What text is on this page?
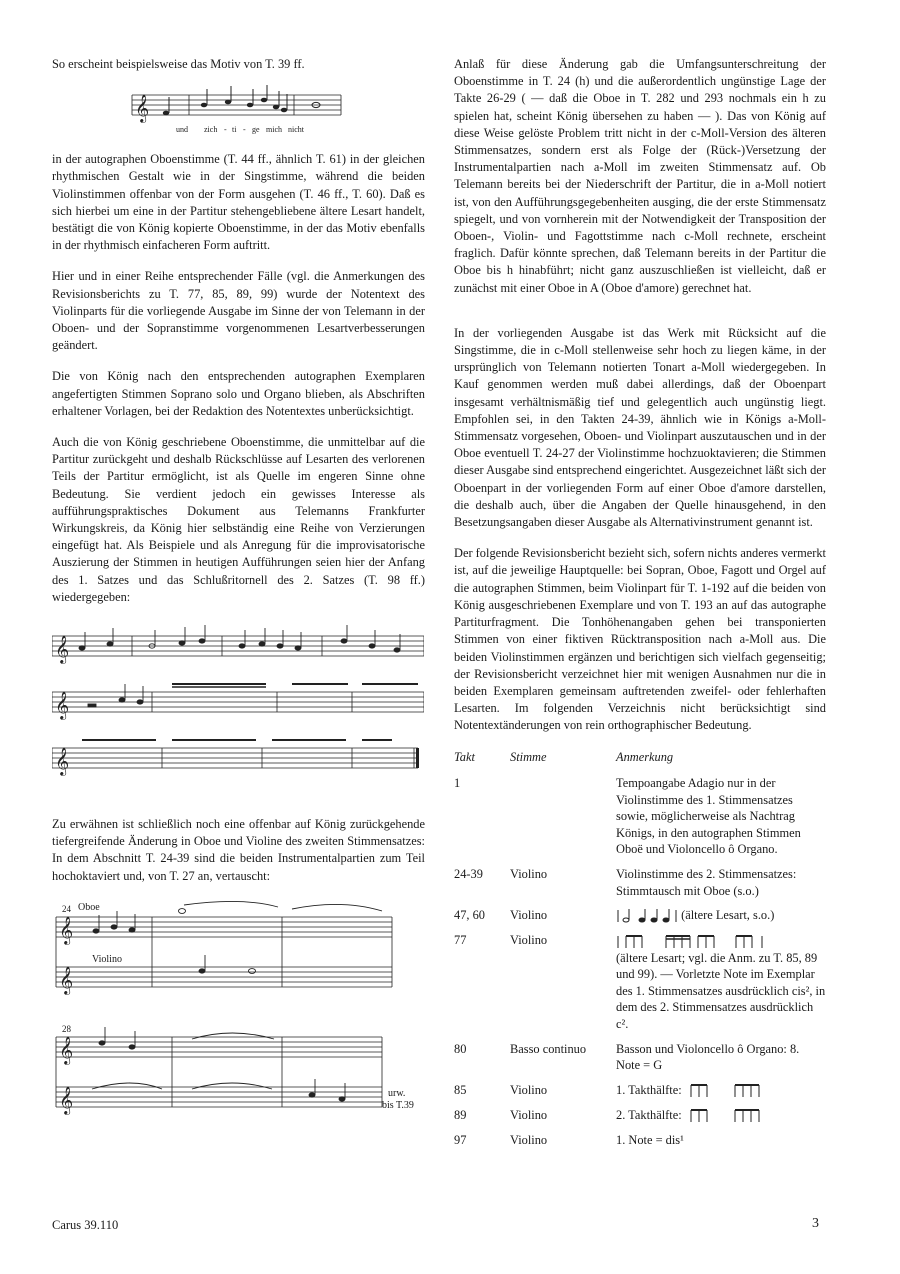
So erscheint beispielsweise das Motiv von T. 39 ff.

𝄞
und zich - ti - ge mich nicht

in der autographen Oboenstimme (T. 44 ff., ähnlich T. 61) in der gleichen rhythmischen Gestalt wie in der Singstimme, während die beiden Violinstimmen offenbar von der Form ausgehen (T. 46 ff., T. 60). Daß es sich hierbei um eine in der Partitur stehengebliebene ältere Lesart handelt, bestätigt die von König kopierte Oboenstimme, in der das Motiv ebenfalls in der rhythmisch einfacheren Form auftritt.

Hier und in einer Reihe entsprechender Fälle (vgl. die Anmerkungen des Revisionsberichts zu T. 77, 85, 89, 99) wurde der Notentext des Violinparts für die vorliegende Ausgabe im Sinne der von Telemann in der Oboen- und der Sopranstimme vorgenommenen Lesartverbesserungen geändert.

Die von König nach den entsprechenden autographen Exemplaren angefertigten Stimmen Soprano solo und Organo blieben, als Abschriften erhaltener Vorlagen, bei der Redaktion des Notentextes unberücksichtigt.

Auch die von König geschriebene Oboenstimme, die unmittelbar auf die Partitur zurückgeht und deshalb Rückschlüsse auf Lesarten des verlorenen Teils der Partitur ermöglicht, ist als Quelle im engeren Sinne ohne Bedeutung. Sie verdient jedoch ein gewisses Interesse als aufführungspraktisches Dokument aus Telemanns Frankfurter Wirkungskreis, da König hier selbständig eine Reihe von Verzierungen eingefügt hat. Als Beispiele und als Anregung für die improvisatorische Auszierung der Stimmen in heutigen Aufführungen seien hier der Anfang des 1. Satzes und das Schlußritornell des 2. Satzes (T. 98 ff.) wiedergegeben:

𝄞
𝄞
𝄞

Zu erwähnen ist schließlich noch eine offenbar auf König zurückgehende tiefergreifende Änderung in Oboe und Violine des zweiten Stimmensatzes: In dem Abschnitt T. 24-39 sind die beiden Instrumentalpartien zum Teil hochoktaviert und, von T. 27 an, vertauscht:

𝄞
𝄞
𝄞
𝄞
24 Oboe
Violino
28
urw.
bis T.39

Anlaß für diese Änderung gab die Umfangsunterschreitung der Oboenstimme in T. 24 (h) und die außerordentlich ungünstige Lage der Takte 26-29 ( — daß die Oboe in T. 282 und 293 nochmals ein h zu spielen hat, scheint König übersehen zu haben — ). Das von König auf diese Weise gelöste Problem tritt nicht in der c-Moll-Version des älteren Stimmensatzes, sondern erst als Folge der (Rück-)Versetzung der Instrumentalpartien nach a-Moll im zweiten Stimmensatz auf. Ob Telemann bereits bei der Niederschrift der Partitur, die in a-Moll notiert ist, von den Aufführungsgegebenheiten ausging, die der erste Stimmensatz spiegelt, und von vornherein mit der Notwendigkeit der Transposition der Oboen-, Violin- und Fagottstimme nach c-Moll rechnete, erscheint fraglich. Dafür könnte sprechen, daß Telemann bereits in der Partitur die Oboe bis h hinabführt; nicht ganz auszuschließen ist vielleicht, daß er zunächst mit einer Oboe in A (Oboe d'amore) gerechnet hat.

In der vorliegenden Ausgabe ist das Werk mit Rücksicht auf die Singstimme, die in c-Moll stellenweise sehr hoch zu liegen käme, in der ursprünglich von Telemann notierten Tonart a-Moll wiedergegeben. In Kauf genommen werden muß dabei allerdings, daß der Oboenpart insgesamt verhältnismäßig tief und gelegentlich auch ungünstig liegt. Empfohlen sei, in den Takten 24-39, ähnlich wie in Königs a-Moll-Stimmensatz vorgesehen, Oboen- und Violinpart auszutauschen und in der Oboe eventuell T. 24-27 der Violinstimme hochzuoktavieren; die Stimmen dieser Ausgabe sind entsprechend eingerichtet. Ausgezeichnet läßt sich der Oboenpart in der vorliegenden Form auf einer Oboe d'amore darstellen, die deshalb auch, über die Angaben der Quelle hinausgehend, in den Besetzungsangaben dieser Ausgabe als Alternativinstrument genannt ist.

Der folgende Revisionsbericht bezieht sich, sofern nichts anderes vermerkt ist, auf die jeweilige Hauptquelle: bei Sopran, Oboe, Fagott und Orgel auf die autographen Stimmen, beim Violinpart für T. 1-192 auf die beiden von König ausgeschriebenen Exemplare und von T. 193 an auf das autographe Partiturfragment. Die Tonhöhenangaben gehen bei transponierten Stimmen von einer fiktiven Rücktransposition nach a-Moll aus. Die beiden Violinstimmen ergänzen und berichtigen sich vielfach gegenseitig; der Revisionsbericht verzeichnet hier mit wenigen Ausnahmen nur die in beiden Exemplaren gemeinsam auftretenden zweifel- oder fehlerhaften Lesarten. Im folgenden Verzeichnis nicht berücksichtigt sind Notentextänderungen von rein orthographischer Bedeutung.

Takt	Stimme	Anmerkung
1		Tempoangabe Adagio nur in der Violinstimme des 1. Stimmensatzes sowie, möglicherweise als Nachtrag Königs, in den autographen Stimmen Oboë und Violoncello ô Organo.
24-39	Violino	Violinstimme des 2. Stimmensatzes: Stimmtausch mit Oboe (s.o.)
47, 60	Violino	(ältere Lesart, s.o.)
77	Violino	(ältere Lesart; vgl. die Anm. zu T. 85, 89 und 99). — Vorletzte Note im Exemplar des 1. Stimmensatzes ausdrücklich cis², in dem des 2. Stimmensatzes ausdrücklich c².
80	Basso continuo	Basson und Violoncello ô Organo: 8. Note = G
85	Violino	1. Takthälfte:
89	Violino	2. Takthälfte:
97	Violino	1. Note = dis¹
Carus 39.110	3
